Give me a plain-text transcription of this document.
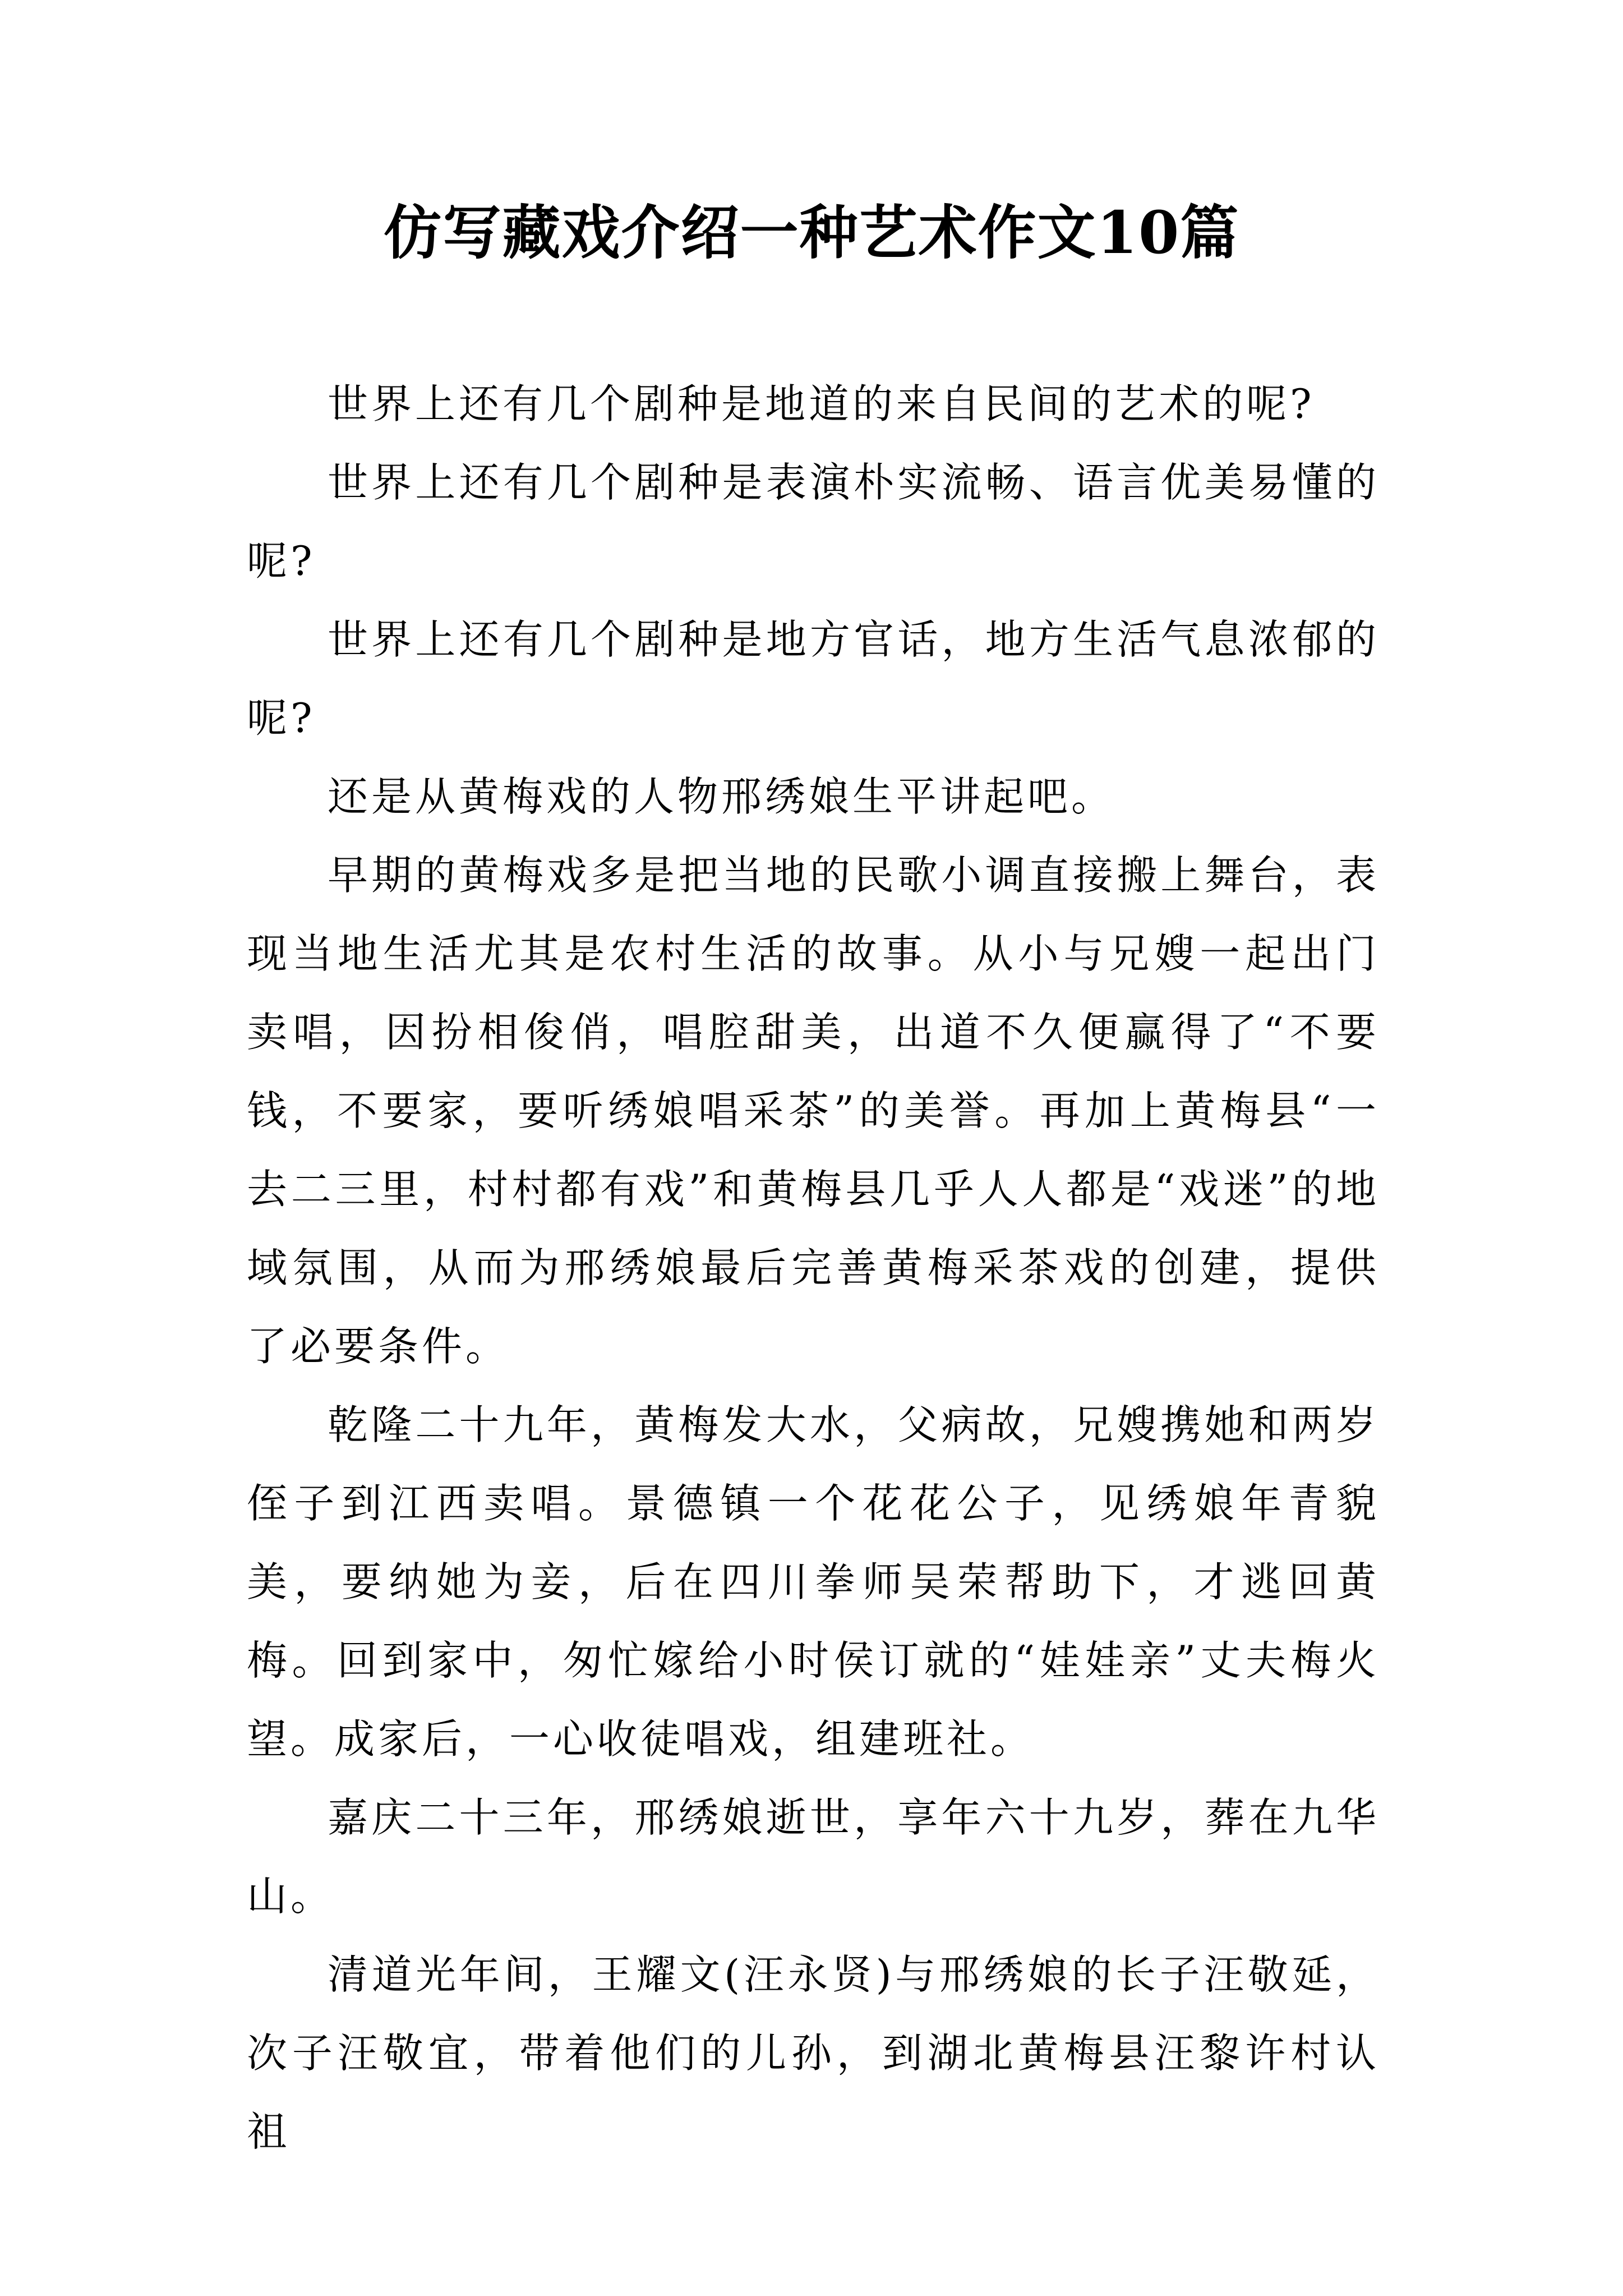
仿写藏戏介绍一种艺术作文10篇

世界上还有几个剧种是地道的来自民间的艺术的呢?

世界上还有几个剧种是表演朴实流畅、语言优美易懂的呢?

世界上还有几个剧种是地方官话，地方生活气息浓郁的呢?

还是从黄梅戏的人物邢绣娘生平讲起吧。

早期的黄梅戏多是把当地的民歌小调直接搬上舞台，表现当地生活尤其是农村生活的故事。从小与兄嫂一起出门卖唱，因扮相俊俏，唱腔甜美，出道不久便赢得了“不要钱，不要家，要听绣娘唱采茶”的美誉。再加上黄梅县“一去二三里，村村都有戏”和黄梅县几乎人人都是“戏迷”的地域氛围，从而为邢绣娘最后完善黄梅采茶戏的创建，提供了必要条件。

乾隆二十九年，黄梅发大水，父病故，兄嫂携她和两岁侄子到江西卖唱。景德镇一个花花公子，见绣娘年青貌美，要纳她为妾，后在四川拳师吴荣帮助下，才逃回黄梅。回到家中，匆忙嫁给小时侯订就的“娃娃亲”丈夫梅火望。成家后，一心收徒唱戏，组建班社。

嘉庆二十三年，邢绣娘逝世，享年六十九岁，葬在九华山。

清道光年间，王耀文(汪永贤)与邢绣娘的长子汪敬延，次子汪敬宜，带着他们的儿孙，到湖北黄梅县汪黎许村认祖
